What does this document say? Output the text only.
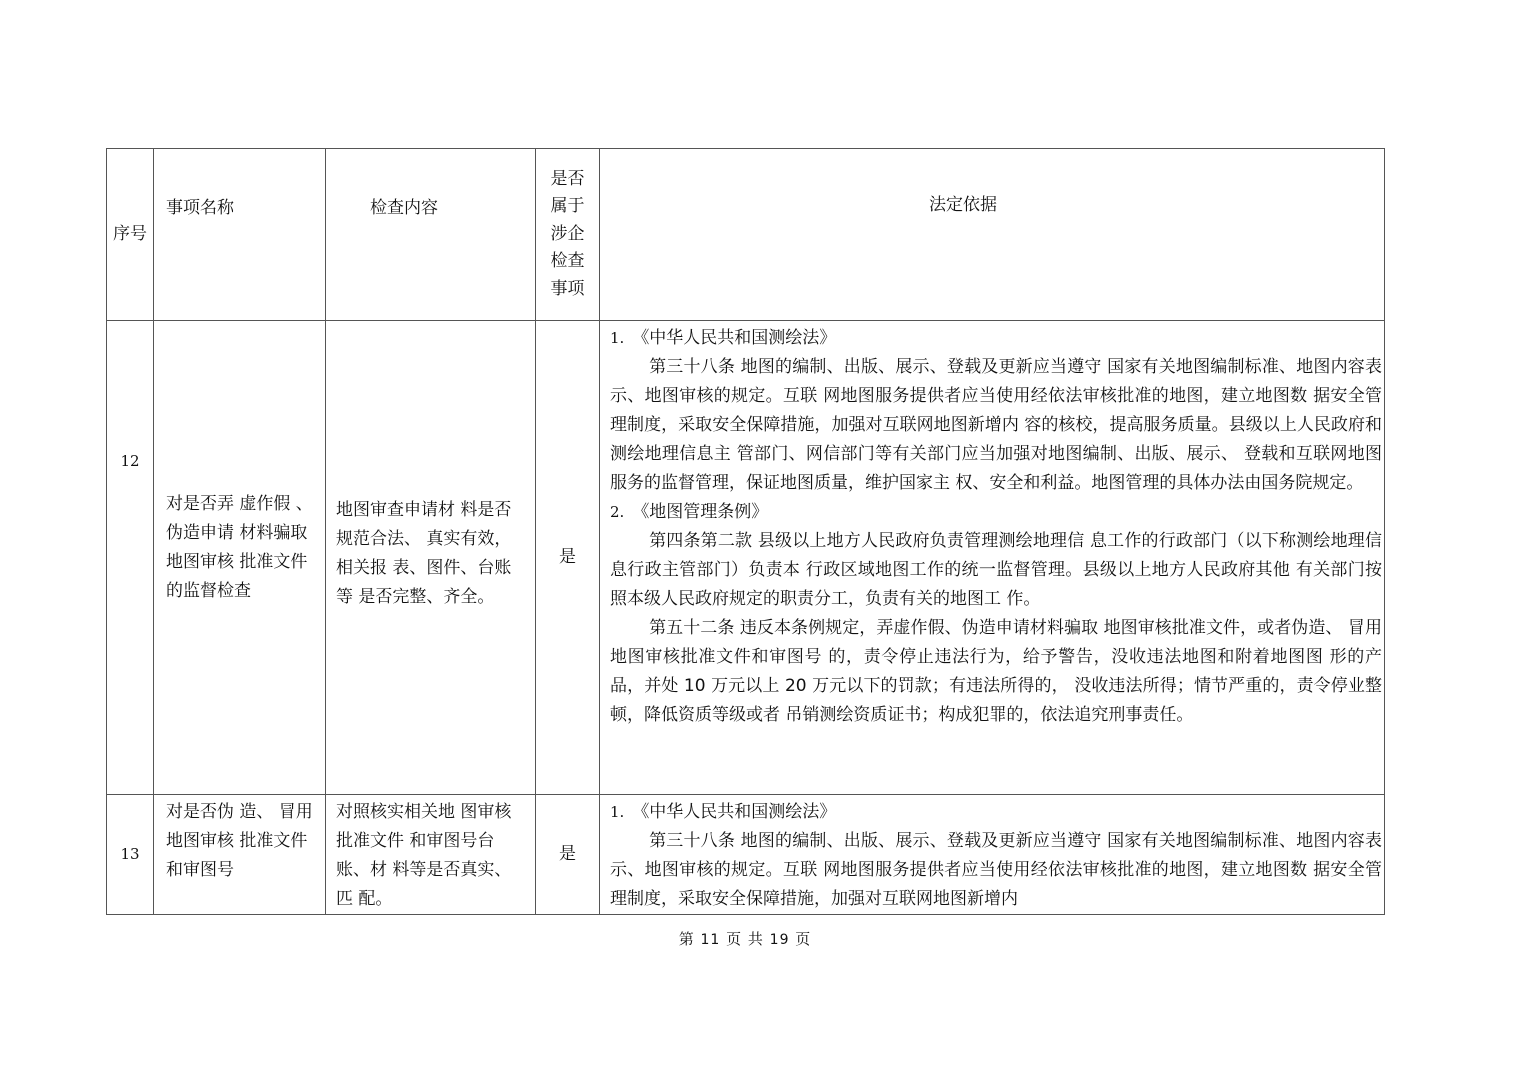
序号	事项名称	检查内容	是否属于涉企检查事项	法定依据

12	对是否弄 虚作假 、 伪造申请 材料骗取 地图审核 批准文件 的监督检查	地图审查申请材 料是否规范合法、 真实有效，相关报 表、图件、台账等 是否完整、齐全。	是	1. 《中华人民共和国测绘法》
第三十八条 地图的编制、出版、展示、登载及更新应当遵守 国家有关地图编制标准、地图内容表示、地图审核的规定。互联 网地图服务提供者应当使用经依法审核批准的地图，建立地图数 据安全管理制度，采取安全保障措施，加强对互联网地图新增内 容的核校，提高服务质量。县级以上人民政府和测绘地理信息主 管部门、网信部门等有关部门应当加强对地图编制、出版、展示、 登载和互联网地图服务的监督管理，保证地图质量，维护国家主 权、安全和利益。地图管理的具体办法由国务院规定。
2. 《地图管理条例》
第四条第二款 县级以上地方人民政府负责管理测绘地理信 息工作的行政部门（以下称测绘地理信息行政主管部门）负责本 行政区域地图工作的统一监督管理。县级以上地方人民政府其他 有关部门按照本级人民政府规定的职责分工，负责有关的地图工 作。
第五十二条 违反本条例规定，弄虚作假、伪造申请材料骗取 地图审核批准文件，或者伪造、 冒用地图审核批准文件和审图号 的，责令停止违法行为，给予警告，没收违法地图和附着地图图 形的产品，并处 10 万元以上 20 万元以下的罚款；有违法所得的， 没收违法所得；情节严重的，责令停业整顿，降低资质等级或者 吊销测绘资质证书；构成犯罪的，依法追究刑事责任。

13	对是否伪 造、 冒用 地图审核 批准文件 和审图号	对照核实相关地 图审核批准文件 和审图号台账、材 料等是否真实、匹 配。	是	1. 《中华人民共和国测绘法》
第三十八条 地图的编制、出版、展示、登载及更新应当遵守 国家有关地图编制标准、地图内容表示、地图审核的规定。互联 网地图服务提供者应当使用经依法审核批准的地图，建立地图数 据安全管理制度，采取安全保障措施，加强对互联网地图新增内
第 11 页 共 19 页
